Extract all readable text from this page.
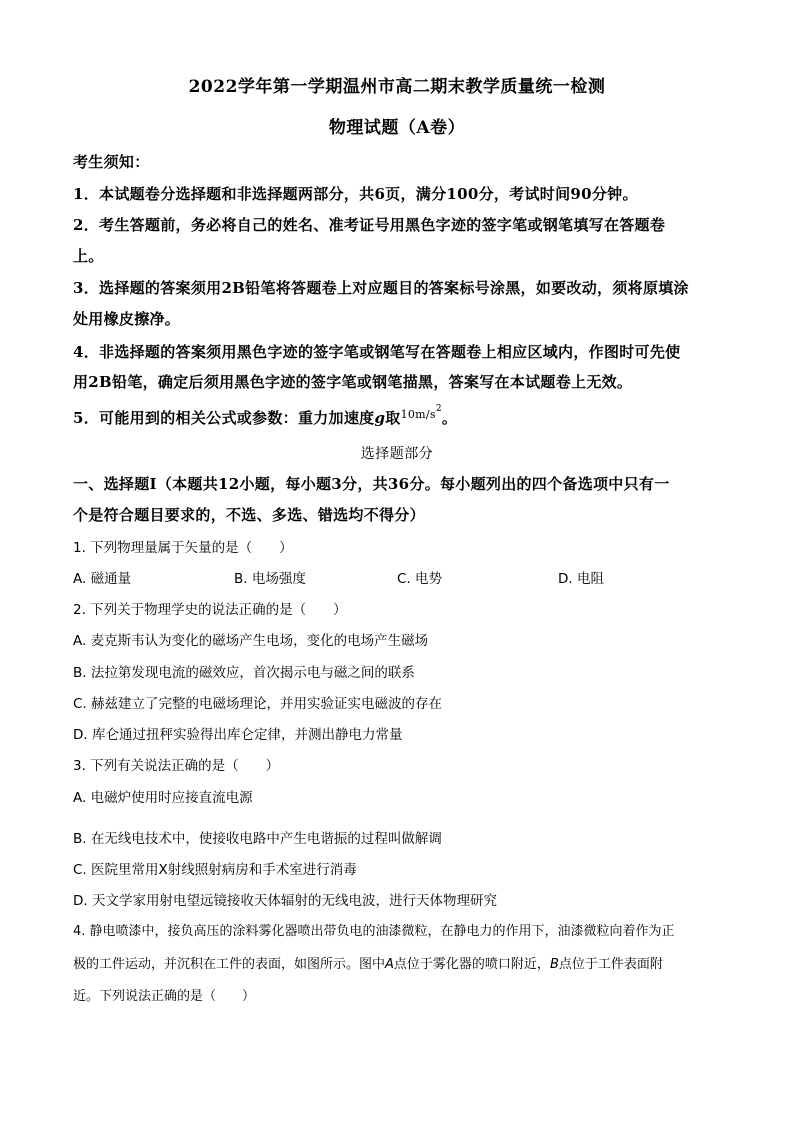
2022学年第一学期温州市高二期末教学质量统一检测
物理试题（A卷）
考生须知：
1．本试题卷分选择题和非选择题两部分，共6页，满分100分，考试时间90分钟。
2．考生答题前，务必将自己的姓名、准考证号用黑色字迹的签字笔或钢笔填写在答题卷
上。
3．选择题的答案须用2B铅笔将答题卷上对应题目的答案标号涂黑，如要改动，须将原填涂
处用橡皮擦净。
4．非选择题的答案须用黑色字迹的签字笔或钢笔写在答题卷上相应区域内，作图时可先使
用2B铅笔，确定后须用黑色字迹的签字笔或钢笔描黑，答案写在本试题卷上无效。
5．可能用到的相关公式或参数：重力加速度g取$^{10m/s2}$。
选择题部分
一、选择题Ⅰ（本题共12小题，每小题3分，共36分。每小题列出的四个备选项中只有一
个是符合题目要求的，不选、多选、错选均不得分）
1. 下列物理量属于矢量的是（　　）
A. 磁通量	B. 电场强度	C. 电势	D. 电阻
2. 下列关于物理学史的说法正确的是（　　）
A. 麦克斯韦认为变化的磁场产生电场，变化的电场产生磁场
B. 法拉第发现电流的磁效应，首次揭示电与磁之间的联系
C. 赫兹建立了完整的电磁场理论，并用实验证实电磁波的存在
D. 库仑通过扭秤实验得出库仑定律，并测出静电力常量
3. 下列有关说法正确的是（　　）
A. 电磁炉使用时应接直流电源
B. 在无线电技术中，使接收电路中产生电谐振的过程叫做解调
C. 医院里常用X射线照射病房和手术室进行消毒
D. 天文学家用射电望远镜接收天体辐射的无线电波，进行天体物理研究
4. 静电喷漆中，接负高压的涂料雾化器喷出带负电的油漆微粒，在静电力的作用下，油漆微粒向着作为正
极的工件运动，并沉积在工件的表面，如图所示。图中A点位于雾化器的喷口附近，B点位于工件表面附
近。下列说法正确的是（　　）
